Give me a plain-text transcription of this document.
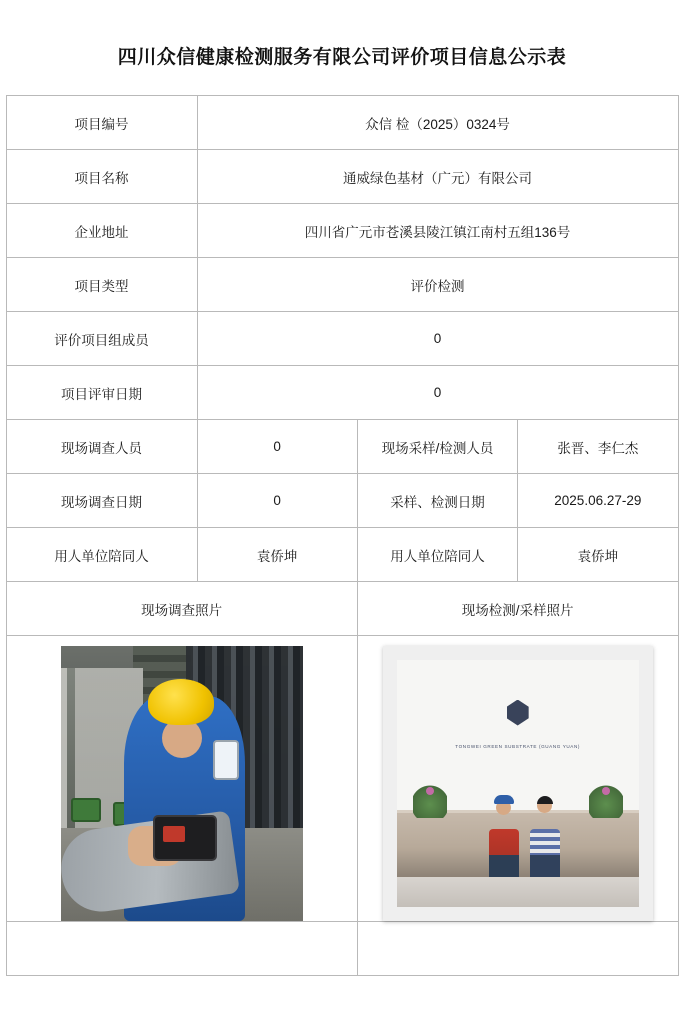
四川众信健康检测服务有限公司评价项目信息公示表
项目编号	众信 检（2025）0324号		
项目名称	通威绿色基材（广元）有限公司		
企业地址	四川省广元市苍溪县陵江镇江南村五组136号		
项目类型	评价检测		
评价项目组成员	0		
项目评审日期	0		
现场调查人员	0	现场采样/检测人员	张晋、李仁杰
现场调查日期	0	采样、检测日期	2025.06.27-29
用人单位陪同人	袁侨坤	用人单位陪同人	袁侨坤
现场调查照片		现场检测/采样照片	

		TONGWEI GREEN SUBSTRATE (GUANG YUAN)	
